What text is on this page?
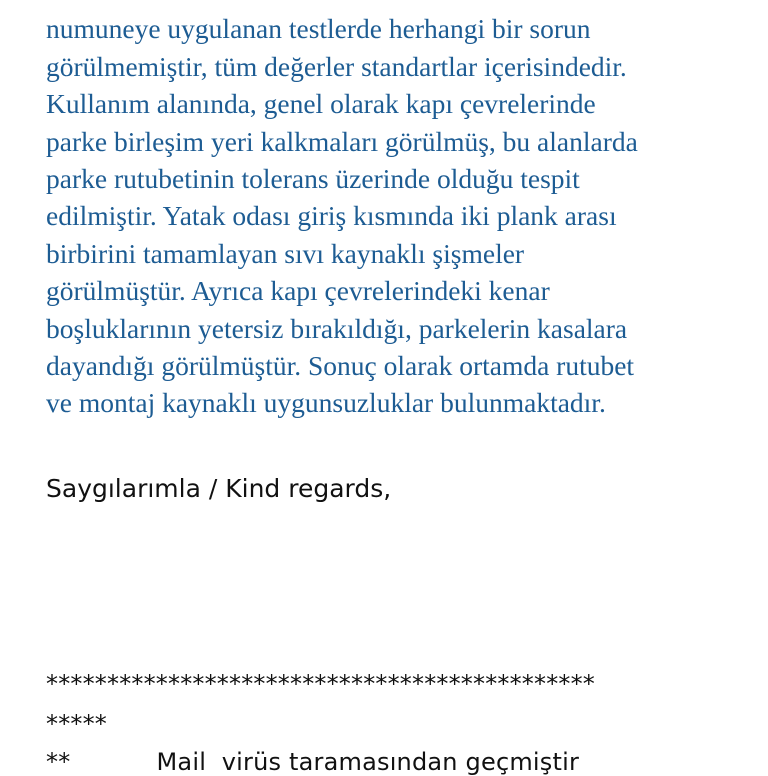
numuneye uygulanan testlerde herhangi bir sorun
görülmemiştir, tüm değerler standartlar içerisindedir.
Kullanım alanında, genel olarak kapı çevrelerinde
parke birleşim yeri kalkmaları görülmüş, bu alanlarda
parke rutubetinin tolerans üzerinde olduğu tespit
edilmiştir. Yatak odası giriş kısmında iki plank arası
birbirini tamamlayan sıvı kaynaklı şişmeler
görülmüştür. Ayrıca kapı çevrelerindeki kenar
boşluklarının yetersiz bırakıldığı, parkelerin kasalara
dayandığı görülmüştür. Sonuç olarak ortamda rutubet
ve montaj kaynaklı uygunsuzluklar bulunmaktadır.
Saygılarımla / Kind regards,
*********************************************
*****
**           Mail  virüs taramasından geçmiştir
